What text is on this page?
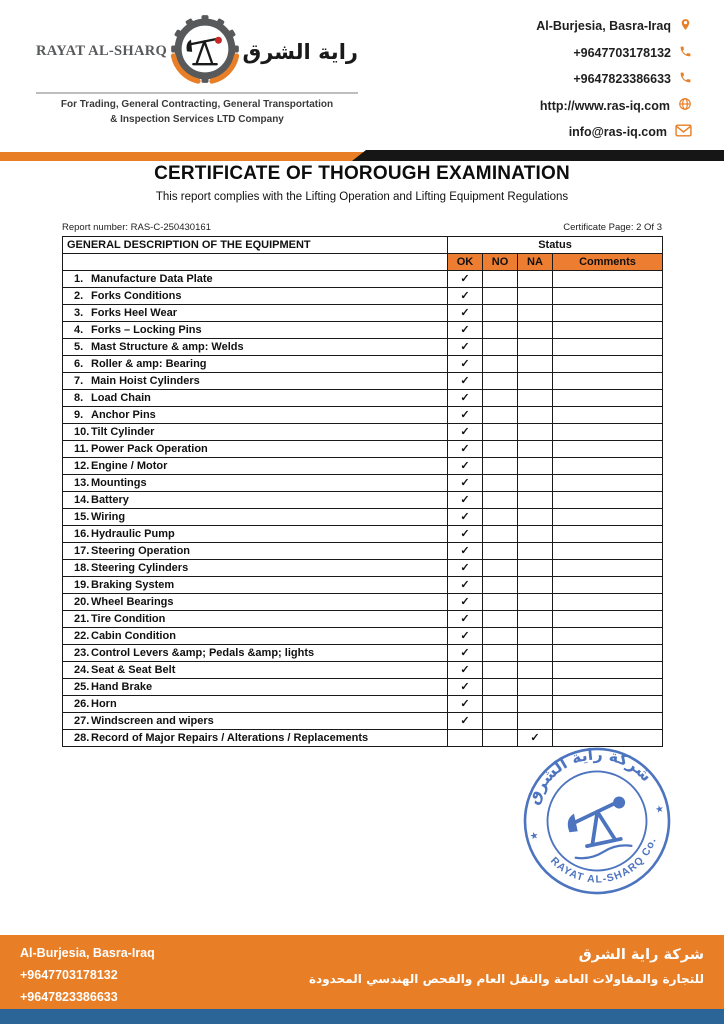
RAYAT AL-SHARQ	راية الشرق
For Trading, General Contracting, General Transportation
& Inspection Services LTD Company
Al-Burjesia, Basra-Iraq
+9647703178132
+9647823386633
http://www.ras-iq.com
info@ras-iq.com
CERTIFICATE OF THOROUGH EXAMINATION
This report complies with the Lifting Operation and Lifting Equipment Regulations
Report number: RAS-C-250430161	Certificate Page: 2 Of 3
GENERAL DESCRIPTION OF THE EQUIPMENT	Status			
	OK	NO	NA	Comments
1. Manufacture Data Plate	✓			
2. Forks Conditions	✓			
3. Forks Heel Wear	✓			
4. Forks – Locking Pins	✓			
5. Mast Structure & amp: Welds	✓			
6. Roller & amp: Bearing	✓			
7. Main Hoist Cylinders	✓			
8. Load Chain	✓			
9. Anchor Pins	✓			
10. Tilt Cylinder	✓			
11. Power Pack Operation	✓			
12. Engine / Motor	✓			
13. Mountings	✓			
14. Battery	✓			
15. Wiring	✓			
16. Hydraulic Pump	✓			
17. Steering Operation	✓			
18. Steering Cylinders	✓			
19. Braking System	✓			
20. Wheel Bearings	✓			
21. Tire Condition	✓			
22. Cabin Condition	✓			
23. Control Levers &amp; Pedals &amp; lights	✓			
24. Seat & Seat Belt	✓			
25. Hand Brake	✓			
26. Horn	✓			
27. Windscreen and wipers	✓			
28. Record of Major Repairs / Alterations / Replacements			✓	
شركة راية الشرق
RAYAT AL-SHARQ Co.
★
★
Al-Burjesia, Basra-Iraq
+9647703178132
+9647823386633
شركة راية الشرق
للتجارة والمقاولات العامة والنقل العام والفحص الهندسي المحدودة
